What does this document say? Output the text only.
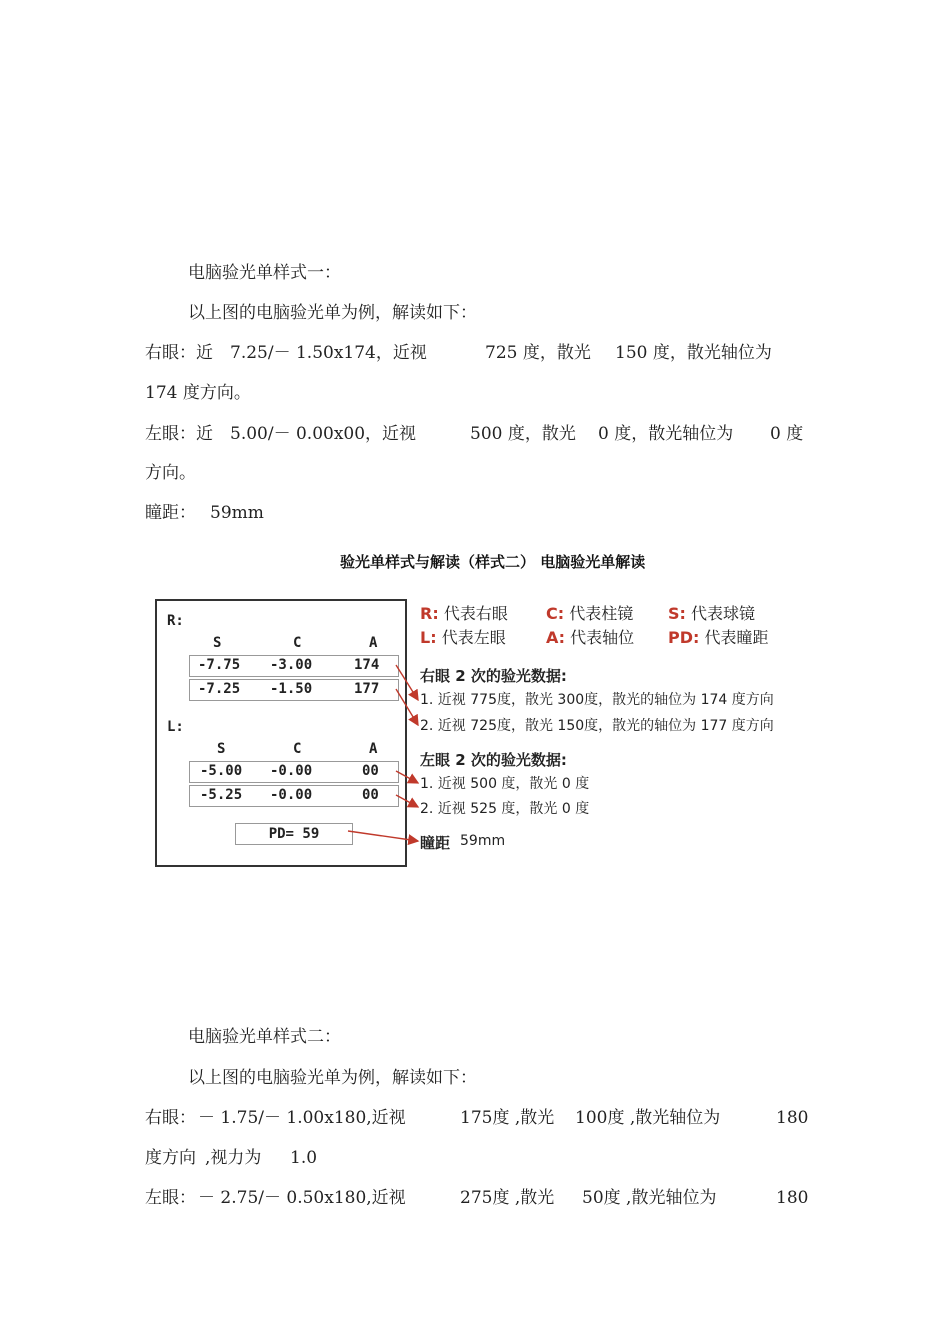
电脑验光单样式一：
以上图的电脑验光单为例，解读如下：
右眼：近 7.25/－ 1.50x174，近视	725 度，散光 150 度，散光轴位为
174 度方向。
左眼：近 5.00/－ 0.00x00，近视	500 度，散光 0 度，散光轴位为 0 度
方向。
瞳距： 59mm
验光单样式与解读（样式二） 电脑验光单解读
R:
S	C	A
-7.75 -3.00	174
-7.25 -1.50	177
L:
S	C	A
-5.00 -0.00	00
-5.25 -0.00	00
PD= 59
R: 代表右眼 C: 代表柱镜 S: 代表球镜
L: 代表左眼	A: 代表轴位 PD: 代表瞳距
右眼 2 次的验光数据:
1. 近视 775度，散光 300度，散光的轴位为 174 度方向
2. 近视 725度，散光 150度，散光的轴位为 177 度方向
左眼 2 次的验光数据:
1. 近视 500 度，散光 0 度
2. 近视 525 度，散光 0 度
瞳距 59mm
电脑验光单样式二：
以上图的电脑验光单为例，解读如下：
右眼： － 1.75/－ 1.00x180,近视	175度 ,散光 100度 ,散光轴位为	180
度方向 ,视力为 1.0
左眼： － 2.75/－ 0.50x180,近视	275度 ,散光 50度 ,散光轴位为	180
